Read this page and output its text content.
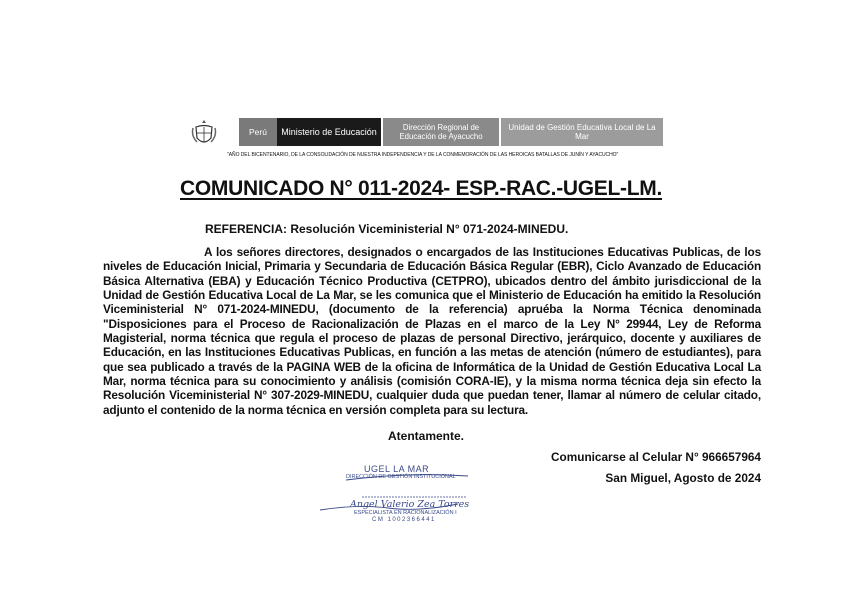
Perú	Ministerio de Educación	Dirección Regional de Educación de Ayacucho
Unidad de Gestión Educativa Local de La Mar
"AÑO DEL BICENTENARIO, DE LA CONSOLIDACIÓN DE NUESTRA INDEPENDENCIA Y DE LA CONMEMORACIÓN DE LAS HEROICAS BATALLAS DE JUNÍN Y AYACUCHO"
COMUNICADO N° 011-2024- ESP.-RAC.-UGEL-LM.
REFERENCIA: Resolución Viceministerial N° 071-2024-MINEDU.
A los señores directores, designados o encargados de las Instituciones Educativas Publicas, de los niveles de Educación Inicial, Primaria y Secundaria de Educación Básica Regular (EBR), Ciclo Avanzado de Educación Básica Alternativa (EBA) y Educación Técnico Productiva (CETPRO), ubicados dentro del ámbito jurisdiccional de la Unidad de Gestión Educativa Local de La Mar, se les comunica que el Ministerio de Educación ha emitido la Resolución Viceministerial N° 071-2024-MINEDU, (documento de la referencia) apruéba la Norma Técnica denominada "Disposiciones para el Proceso de Racionalización de Plazas en el marco de la Ley N° 29944, Ley de Reforma Magisterial, norma técnica que regula el proceso de plazas de personal Directivo, jerárquico, docente y auxiliares de Educación, en las Instituciones Educativas Publicas, en función a las metas de atención (número de estudiantes), para que sea publicado a través de la PAGINA WEB de la oficina de Informática de la Unidad de Gestión Educativa Local La Mar, norma técnica para su conocimiento y análisis (comisión CORA-IE), y la misma norma técnica deja sin efecto la Resolución Viceministerial N° 307-2029-MINEDU, cualquier duda que puedan tener, llamar al número de celular citado, adjunto el contenido de la norma técnica en versión completa para su lectura.
Atentamente.
Comunicarse al Celular N° 966657964
San Miguel, Agosto de 2024
UGEL LA MAR
DIRECCIÓN DE GESTIÓN INSTITUCIONAL
Angel Valerio Zea Torres
ESPECIALISTA EN RACIONALIZACIÓN I
CM 1002366441
